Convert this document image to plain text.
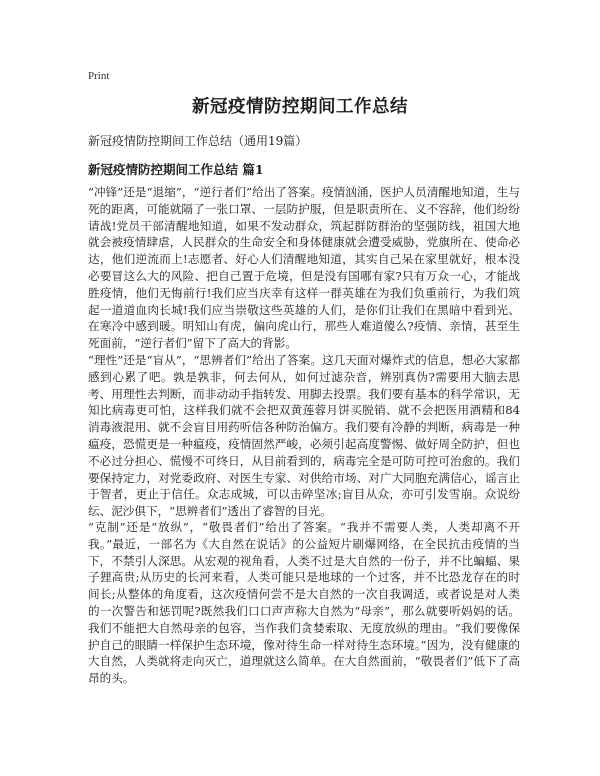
Print
新冠疫情防控期间工作总结
新冠疫情防控期间工作总结（通用19篇）
新冠疫情防控期间工作总结 篇1

“冲锋”还是“退缩”，“逆行者们”给出了答案。疫情汹涌，医护人员清醒地知道，生与死的距离，可能就隔了一张口罩、一层防护服，但是职责所在、义不容辞，他们纷纷请战!党员干部清醒地知道，如果不发动群众，筑起群防群治的坚强防线，祖国大地就会被疫情肆虐，人民群众的生命安全和身体健康就会遭受威胁，党旗所在、使命必达，他们逆流而上!志愿者、好心人们清醒地知道，其实自己呆在家里就好，根本没必要冒这么大的风险、把自己置于危境，但是没有国哪有家?只有万众一心，才能战胜疫情，他们无悔前行!我们应当庆幸有这样一群英雄在为我们负重前行，为我们筑起一道道血肉长城!我们应当崇敬这些英雄的人们，是你们让我们在黑暗中看到光、在寒冷中感到暖。明知山有虎，偏向虎山行，那些人难道傻么?疫情、亲情，甚至生死面前，“逆行者们”留下了高大的背影。

“理性”还是“盲从”，“思辨者们”给出了答案。这几天面对爆炸式的信息，想必大家都感到心累了吧。孰是孰非，何去何从，如何过滤杂音，辨别真伪?需要用大脑去思考、用理性去判断，而非动动手指转发、用脚去投票。我们要有基本的科学常识，无知比病毒更可怕，这样我们就不会把双黄莲蓉月饼买脱销、就不会把医用酒精和84消毒液混用、就不会盲目用药听信各种防治偏方。我们要有冷静的判断，病毒是一种瘟疫，恐慌更是一种瘟疫，疫情固然严峻，必须引起高度警惕、做好周全防护，但也不必过分担心、慌慢不可终日，从目前看到的，病毒完全是可防可控可治愈的。我们要保持定力，对党委政府、对医生专家、对供给市场、对广大同胞充满信心，谣言止于智者，更止于信任。众志成城，可以击碎坚冰;盲目从众，亦可引发雪崩。众说纷纭、泥沙俱下，“思辨者们”透出了睿智的目光。

“克制”还是“放纵”，“敬畏者们”给出了答案。“我并不需要人类，人类却离不开我。”最近，一部名为《大自然在说话》的公益短片刷爆网络，在全民抗击疫情的当下，不禁引人深思。从宏观的视角看，人类不过是大自然的一份子，并不比蝙蝠、果子狸高贵;从历史的长河来看，人类可能只是地球的一个过客，并不比恐龙存在的时间长;从整体的角度看，这次疫情何尝不是大自然的一次自我调适，或者说是对人类的一次警告和惩罚呢?既然我们口口声声称大自然为“母亲”，那么就要听妈妈的话。我们不能把大自然母亲的包容，当作我们贪婪索取、无度放纵的理由。“我们要像保护自己的眼睛一样保护生态环境，像对待生命一样对待生态环境。”因为，没有健康的大自然，人类就将走向灭亡，道理就这么简单。在大自然面前，“敬畏者们”低下了高昂的头。
